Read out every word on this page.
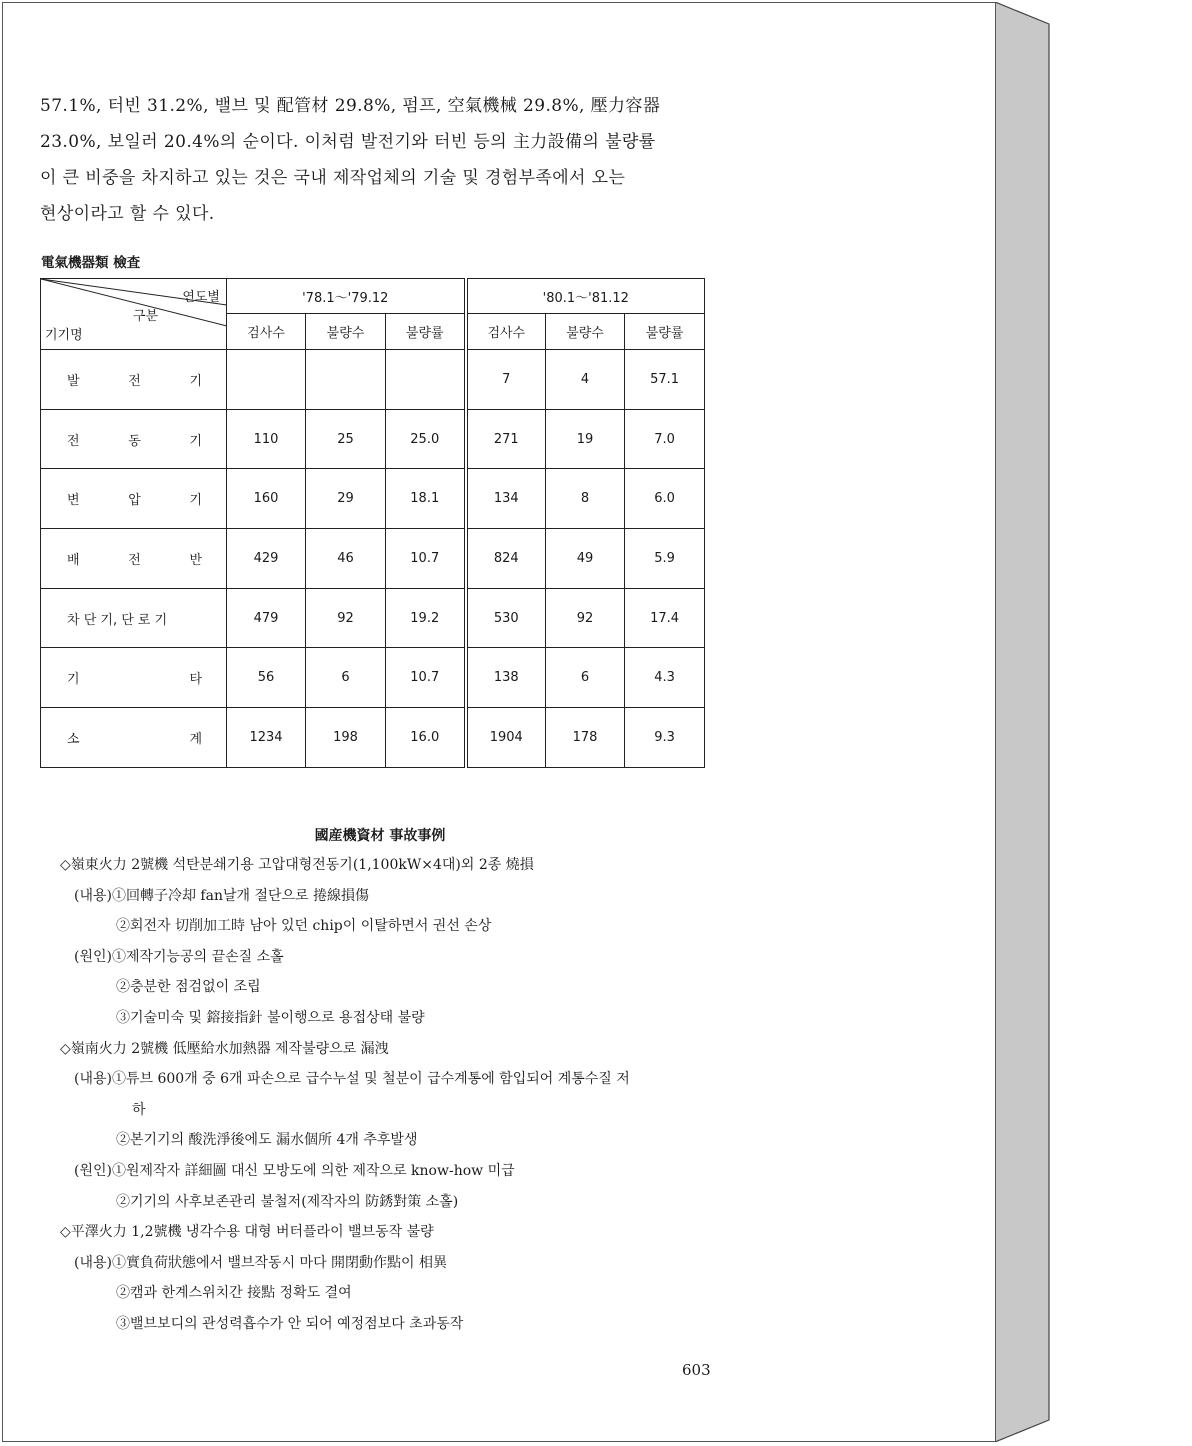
57.1%, 터빈 31.2%, 밸브 및 配管材 29.8%, 펌프, 空氣機械 29.8%, 壓力容器
23.0%, 보일러 20.4%의 순이다. 이처럼 발전기와 터빈 등의 主力設備의 불량률
이 큰 비중을 차지하고 있는 것은 국내 제작업체의 기술 및 경험부족에서 오는
현상이라고 할 수 있다.
電氣機器類 檢査
연도별
구분
기기명	'78.1～'79.12			'80.1～'81.12		
	검사수	불량수	불량률	검사수	불량수	불량률

발 전 기				7	4	57.1

전 동 기	110	25	25.0	271	19	7.0

변 압 기	160	29	18.1	134	8	6.0

배 전 반	429	46	10.7	824	49	5.9

차 단 기, 단 로 기	479	92	19.2	530	92	17.4

기 타	56	6	10.7	138	6	4.3

소 계	1234	198	16.0	1904	178	9.3
國産機資材 事故事例
◇嶺東火力 2號機 석탄분쇄기용 고압대형전동기(1,100kW×4대)외 2종 燒損
(내용)①回轉子冷却 fan날개 절단으로 捲線損傷
②회전자 切削加工時 남아 있던 chip이 이탈하면서 권선 손상
(원인)①제작기능공의 끝손질 소홀
②충분한 점검없이 조립
③기술미숙 및 鎔接指針 불이행으로 용접상태 불량
◇嶺南火力 2號機 低壓給水加熱器 제작불량으로 漏洩
(내용)①튜브 600개 중 6개 파손으로 급수누설 및 철분이 급수계통에 함입되어 계통수질 저
하
②본기기의 酸洗淨後에도 漏水個所 4개 추후발생
(원인)①원제작자 詳細圖 대신 모방도에 의한 제작으로 know-how 미급
②기기의 사후보존관리 불철저(제작자의 防銹對策 소홀)
◇平澤火力 1,2號機 냉각수용 대형 버터플라이 밸브동작 불량
(내용)①實負荷狀態에서 밸브작동시 마다 開閉動作點이 相異
②캠과 한계스위치간 接點 정확도 결여
③밸브보디의 관성력흡수가 안 되어 예정점보다 초과동작
603
